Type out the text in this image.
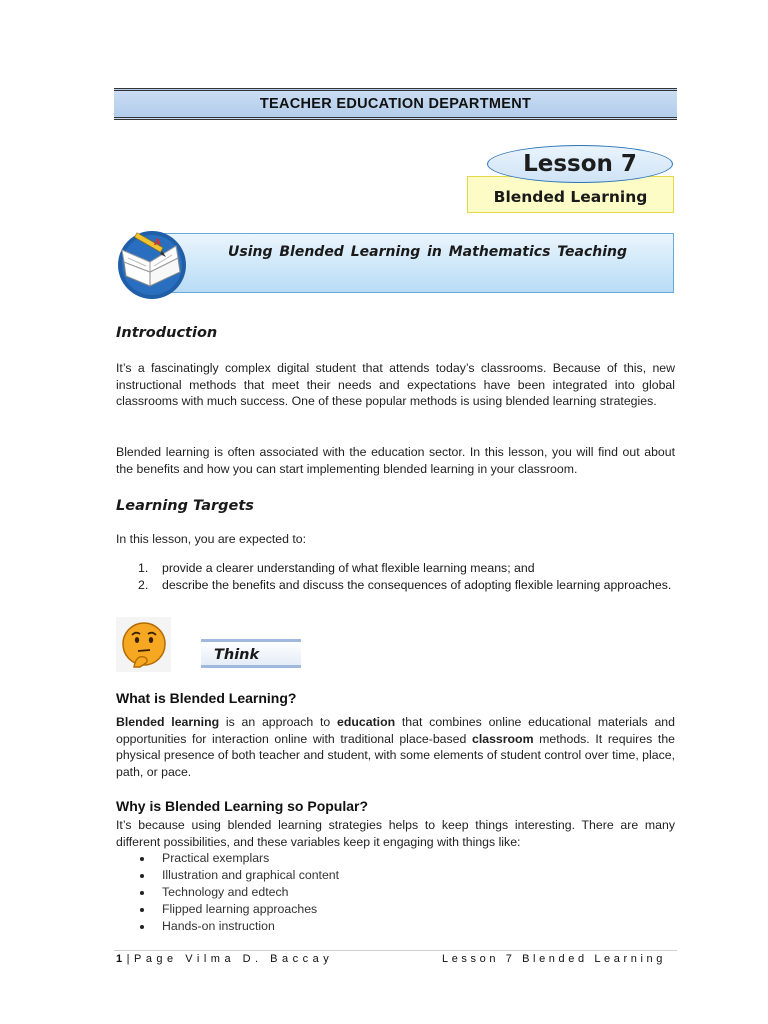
TEACHER EDUCATION DEPARTMENT
Lesson 7
Blended Learning
Using Blended Learning in Mathematics Teaching
A
Introduction
It’s a fascinatingly complex digital student that attends today’s classrooms. Because of this, new instructional methods that meet their needs and expectations have been integrated into global classrooms with much success. One of these popular methods is using blended learning strategies.
Blended learning is often associated with the education sector. In this lesson, you will find out about the benefits and how you can start implementing blended learning in your classroom.
Learning Targets
In this lesson, you are expected to:
1.	provide a clearer understanding of what flexible learning means; and
2.	describe the benefits and discuss the consequences of adopting flexible learning approaches.
Think
What is Blended Learning?
Blended learning is an approach to education that combines online educational materials and opportunities for interaction online with traditional place-based classroom methods. It requires the physical presence of both teacher and student, with some elements of student control over time, place, path, or pace.
Why is Blended Learning so Popular?
It’s because using blended learning strategies helps to keep things interesting. There are many different possibilities, and these variables keep it engaging with things like:
Practical exemplars
Illustration and graphical content
Technology and edtech
Flipped learning approaches
Hands-on instruction
1|Page Vilma D. Baccay	Lesson 7 Blended Learning
